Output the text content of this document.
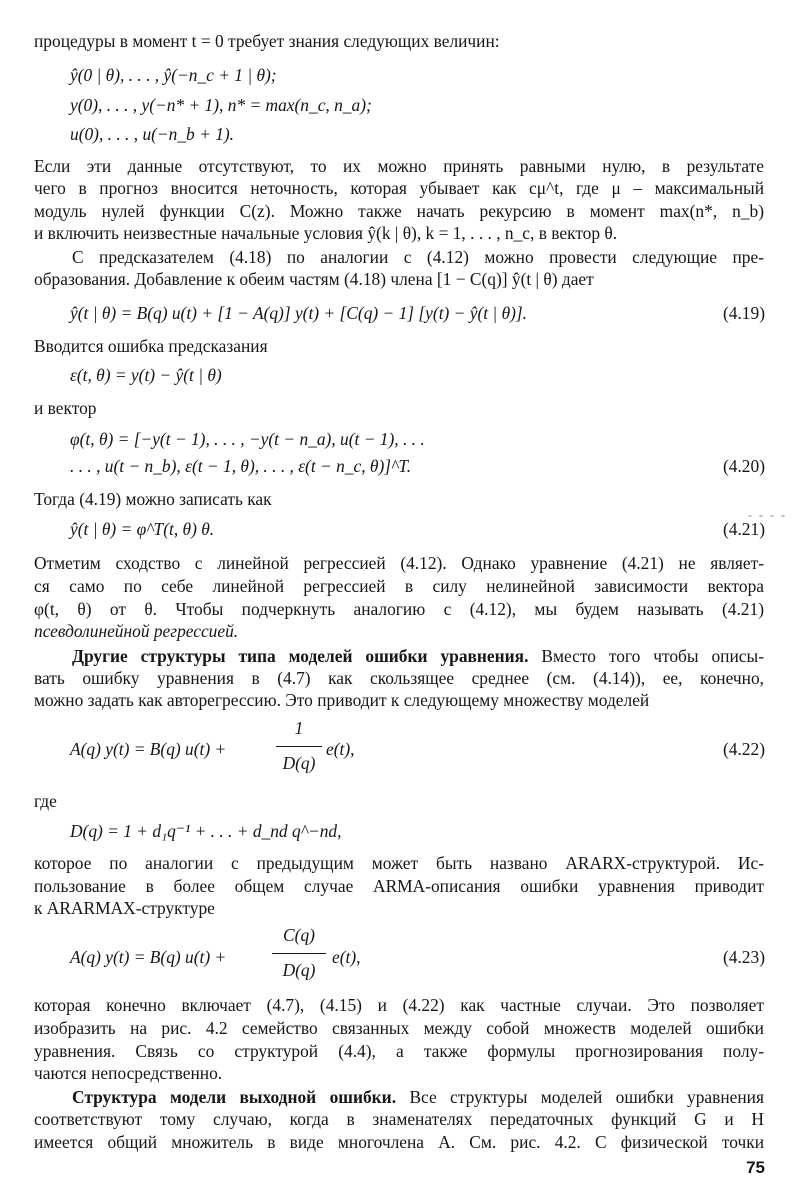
процедуры в момент t = 0 требует знания следующих величин:
ŷ(0 | θ), . . . , ŷ(−n_c + 1 | θ);
y(0), . . . , y(−n* + 1), n* = max(n_c, n_a);
u(0), . . . , u(−n_b + 1).
Если эти данные отсутствуют, то их можно принять равными нулю, в результате
чего в прогноз вносится неточность, которая убывает как cμ^t, где μ – максимальный
модуль нулей функции C(z). Можно также начать рекурсию в момент max(n*, n_b)
и включить неизвестные начальные условия ŷ(k | θ), k = 1, . . . , n_c, в вектор θ.
С предсказателем (4.18) по аналогии с (4.12) можно провести следующие пре-
образования. Добавление к обеим частям (4.18) члена [1 − C(q)] ŷ(t | θ) дает
ŷ(t | θ) = B(q) u(t) + [1 − A(q)] y(t) + [C(q) − 1] [y(t) − ŷ(t | θ)].	(4.19)
Вводится ошибка предсказания
ε(t, θ) = y(t) − ŷ(t | θ)
и вектор
φ(t, θ) = [−y(t − 1), . . . , −y(t − n_a), u(t − 1), . . .
. . . , u(t − n_b), ε(t − 1, θ), . . . , ε(t − n_c, θ)]^T.	(4.20)
Тогда (4.19) можно записать как
- - - -
ŷ(t | θ) = φ^T(t, θ) θ.	(4.21)
Отметим сходство с линейной регрессией (4.12). Однако уравнение (4.21) не являет-
ся само по себе линейной регрессией в силу нелинейной зависимости вектора
φ(t, θ) от θ. Чтобы подчеркнуть аналогию с (4.12), мы будем называть (4.21)
псевдолинейной регрессией.
Другие структуры типа моделей ошибки уравнения. Вместо того чтобы описы-
вать ошибку уравнения в (4.7) как скользящее среднее (см. (4.14)), ее, конечно,
можно задать как авторегрессию. Это приводит к следующему множеству моделей
A(q) y(t) = B(q) u(t) +
1
D(q)
e(t),	(4.22)
где
D(q) = 1 + d₁q⁻¹ + . . . + d_nd q^−nd,
которое по аналогии с предыдущим может быть названо ARARX-структурой. Ис-
пользование в более общем случае ARMA-описания ошибки уравнения приводит
к ARARMAX-структуре
A(q) y(t) = B(q) u(t) +
C(q)
D(q)
e(t),	(4.23)
которая конечно включает (4.7), (4.15) и (4.22) как частные случаи. Это позволяет
изобразить на рис. 4.2 семейство связанных между собой множеств моделей ошибки
уравнения. Связь со структурой (4.4), а также формулы прогнозирования полу-
чаются непосредственно.
Структура модели выходной ошибки. Все структуры моделей ошибки уравнения
соответствуют тому случаю, когда в знаменателях передаточных функций G и H
имеется общий множитель в виде многочлена A. См. рис. 4.2. С физической точки
75
